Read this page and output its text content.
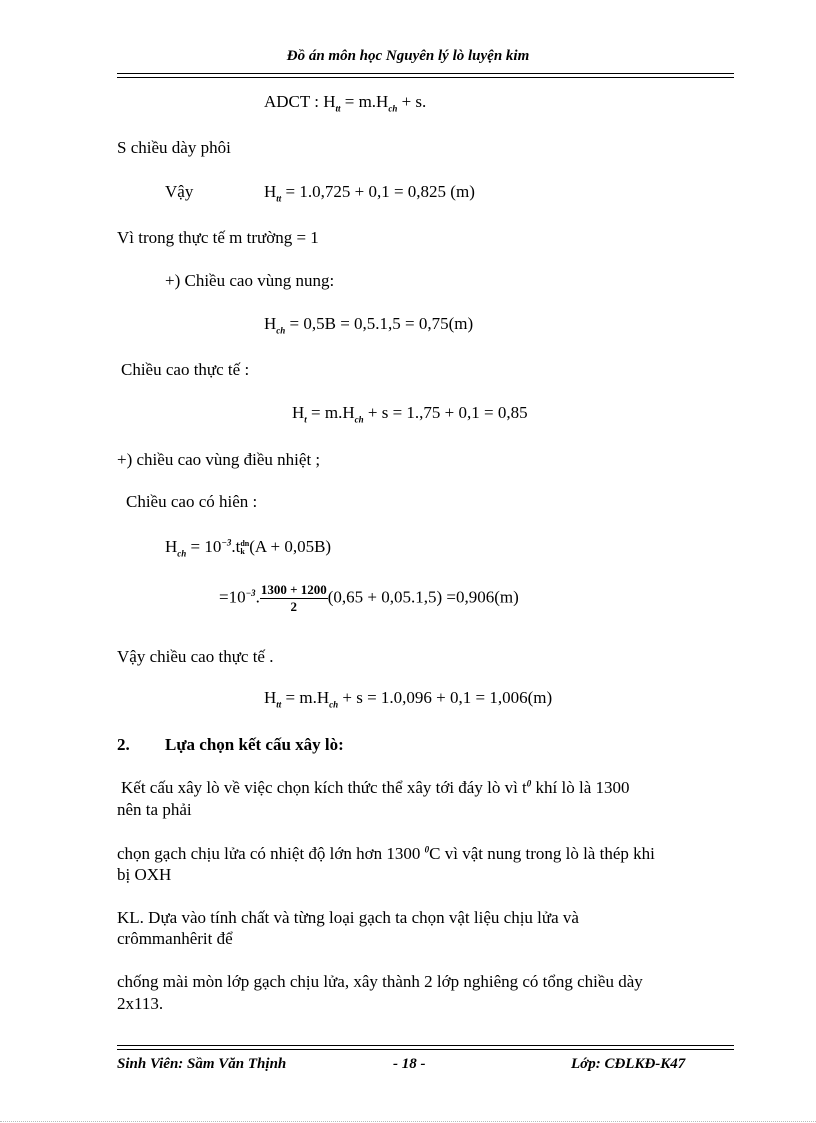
Đồ án môn học Nguyên lý lò luyện kim
ADCT : $H_{tt} = m.H_{ch} + s$.
S chiều dày phôi
Vậy	$H_{tt} = 1.0,725 + 0,1 = 0,825$ (m)
Vì trong thực tế m trường = 1
+) Chiều cao vùng nung:
$H_{ch} = 0,5B = 0,5.1,5 = 0,75(m)$
Chiều cao thực tế :
$H_t = m.H_{ch} + s = 1.,75 + 0,1 = 0,85$
+) chiều cao vùng điều nhiệt ;
Chiều cao có hiên :
$H_{ch} = 10^{-3}.t$ dn
k (A + 0,05B)
$=10^{-3}$. $\frac{1300 + 1200}{2} (0,65 + 0,05.1,5) =0,906(m)$
Vậy chiều cao thực tế .
$H_{tt} = m.H_{ch} + s = 1.0,096 + 0,1 = 1,006(m)$
2. Lựa chọn kết cấu xây lò:
Kết cấu xây lò về việc chọn kích thức thể xây tới đáy lò vì $t^0$ khí lò là 1300
nên ta phải
chọn gạch chịu lửa có nhiệt độ lớn hơn 1300 $^0$C vì vật nung trong lò là thép khi
bị OXH
KL. Dựa vào tính chất và từng loại gạch ta chọn vật liệu chịu lửa và
crômmanhêrit để
chống mài mòn lớp gạch chịu lửa, xây thành 2 lớp nghiêng có tổng chiều dày
2x113.
Sinh Viên: Sầm Văn Thịnh	- 18 -	Lớp: CĐLKĐ-K47
